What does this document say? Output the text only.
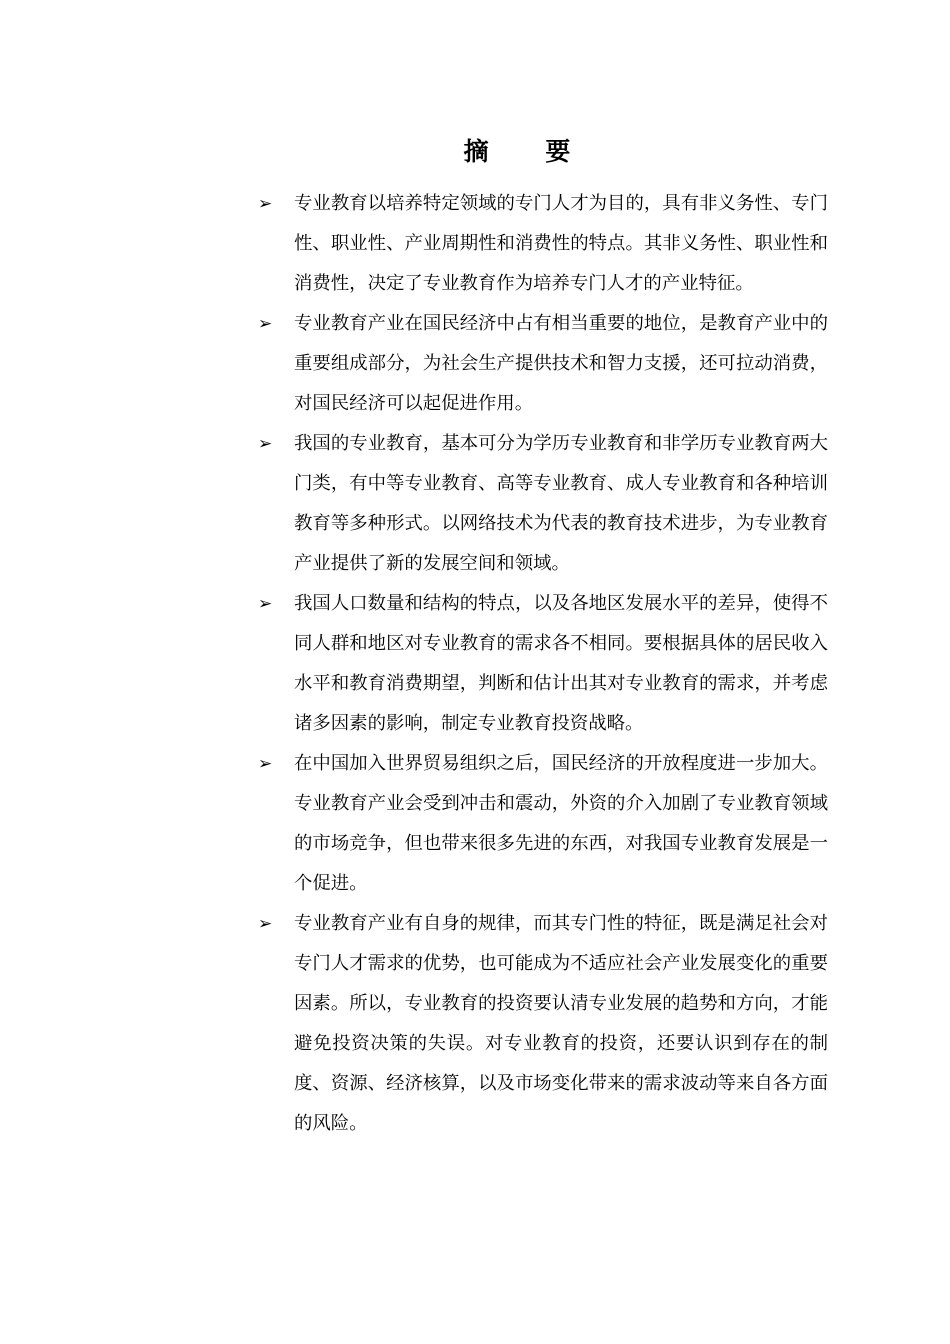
摘 要
➢ 专业教育以培养特定领域的专门人才为目的，具有非义务性、专门性、职业性、产业周期性和消费性的特点。其非义务性、职业性和消费性，决定了专业教育作为培养专门人才的产业特征。
➢ 专业教育产业在国民经济中占有相当重要的地位，是教育产业中的重要组成部分，为社会生产提供技术和智力支援，还可拉动消费，对国民经济可以起促进作用。
➢ 我国的专业教育，基本可分为学历专业教育和非学历专业教育两大门类，有中等专业教育、高等专业教育、成人专业教育和各种培训教育等多种形式。以网络技术为代表的教育技术进步，为专业教育产业提供了新的发展空间和领域。
➢ 我国人口数量和结构的特点，以及各地区发展水平的差异，使得不同人群和地区对专业教育的需求各不相同。要根据具体的居民收入水平和教育消费期望，判断和估计出其对专业教育的需求，并考虑诸多因素的影响，制定专业教育投资战略。
➢ 在中国加入世界贸易组织之后，国民经济的开放程度进一步加大。专业教育产业会受到冲击和震动，外资的介入加剧了专业教育领域的市场竞争，但也带来很多先进的东西，对我国专业教育发展是一个促进。
➢ 专业教育产业有自身的规律，而其专门性的特征，既是满足社会对专门人才需求的优势，也可能成为不适应社会产业发展变化的重要因素。所以，专业教育的投资要认清专业发展的趋势和方向，才能避免投资决策的失误。对专业教育的投资，还要认识到存在的制度、资源、经济核算，以及市场变化带来的需求波动等来自各方面的风险。
